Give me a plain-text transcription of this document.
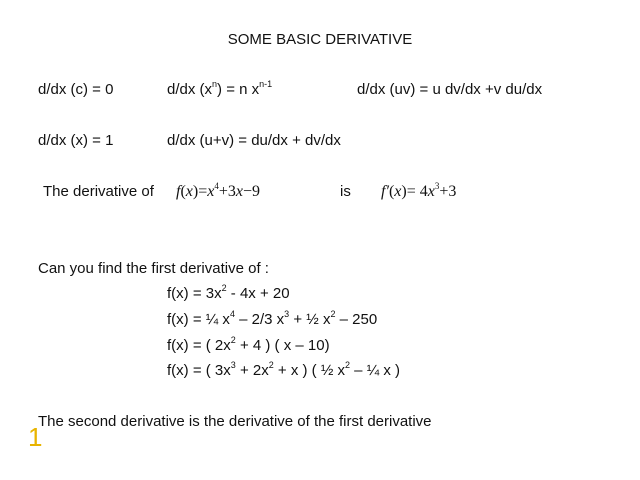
SOME BASIC DERIVATIVE
d/dx (c) = 0	d/dx $(x^n) = n$ $x^{n-1}$	d/dx (uv) = u dv/dx +v du/dx
d/dx (x) = 1	d/dx (u+v) = du/dx + dv/dx
The derivative of $f(x)=x^4+3x-9$	is $f'(x)= 4x^3+3$
Can you find the first derivative of :
$f(x) = 3x^2 - 4x + 20$
f(x) = ¼ $x^4 - 2/3$ $x^3$ + ½ $x^2 - 250$
f(x) = ( $2x^2 + 4$ ) ( x – 10)
f(x) = ( $3x^3 + 2x^2 + x$ ) ( ½ $x^2$ – ¼ x )
The second derivative is the derivative of the first derivative
1
